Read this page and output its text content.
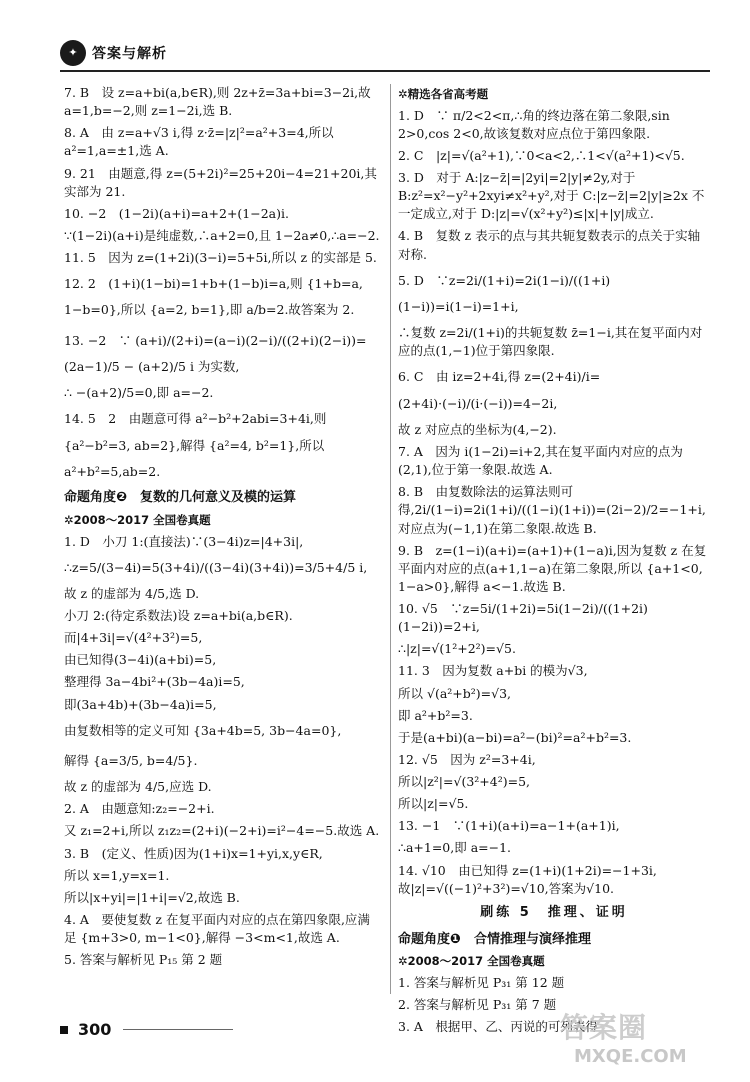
✦	答案与解析

7. B　设 z=a+bi(a,b∈R),则 2z+z̄=3a+bi=3−2i,故 a=1,b=−2,则 z=1−2i,选 B.

8. A　由 z=a+√3 i,得 z·z̄=|z|²=a²+3=4,所以 a²=1,a=±1,选 A.

9. 21　由题意,得 z=(5+2i)²=25+20i−4=21+20i,其实部为 21.

10. −2　(1−2i)(a+i)=a+2+(1−2a)i.

∵(1−2i)(a+i)是纯虚数,∴a+2=0,且 1−2a≠0,∴a=−2.

11. 5　因为 z=(1+2i)(3−i)=5+5i,所以 z 的实部是 5.

12. 2　(1+i)(1−bi)=1+b+(1−b)i=a,则 {1+b=a, 1−b=0},所以 {a=2, b=1},即 a/b=2.故答案为 2.

13. −2　∵ (a+i)/(2+i)=(a−i)(2−i)/((2+i)(2−i))=(2a−1)/5 − (a+2)/5 i 为实数,

∴ −(a+2)/5=0,即 a=−2.

14. 5　2　由题意可得 a²−b²+2abi=3+4i,则 {a²−b²=3, ab=2},解得 {a²=4, b²=1},所以 a²+b²=5,ab=2.

命题角度❷　复数的几何意义及模的运算
✲2008～2017 全国卷真题

1. D　小刀 1:(直接法)∵(3−4i)z=|4+3i|,

∴z=5/(3−4i)=5(3+4i)/((3−4i)(3+4i))=3/5+4/5 i,

故 z 的虚部为 4/5,选 D.

小刀 2:(待定系数法)设 z=a+bi(a,b∈R).

而|4+3i|=√(4²+3²)=5,

由已知得(3−4i)(a+bi)=5,

整理得 3a−4bi²+(3b−4a)i=5,

即(3a+4b)+(3b−4a)i=5,

由复数相等的定义可知 {3a+4b=5, 3b−4a=0},

解得 {a=3/5, b=4/5}.

故 z 的虚部为 4/5,应选 D.

2. A　由题意知:z₂=−2+i.

又 z₁=2+i,所以 z₁z₂=(2+i)(−2+i)=i²−4=−5.故选 A.

3. B　(定义、性质)因为(1+i)x=1+yi,x,y∈R,

所以 x=1,y=x=1.

所以|x+yi|=|1+i|=√2,故选 B.

4. A　要使复数 z 在复平面内对应的点在第四象限,应满足 {m+3>0, m−1<0},解得 −3<m<1,故选 A.

5. 答案与解析见 P₁₅ 第 2 题

✲精选各省高考题

1. D　∵ π/2<2<π,∴角的终边落在第二象限,sin 2>0,cos 2<0,故该复数对应点位于第四象限.

2. C　|z|=√(a²+1),∵0<a<2,∴1<√(a²+1)<√5.

3. D　对于 A:|z−z̄|=|2yi|=2|y|≠2y,对于 B:z²=x²−y²+2xyi≠x²+y²,对于 C:|z−z̄|=2|y|≥2x 不一定成立,对于 D:|z|=√(x²+y²)≤|x|+|y|成立.

4. B　复数 z 表示的点与其共轭复数表示的点关于实轴对称.

5. D　∵z=2i/(1+i)=2i(1−i)/((1+i)(1−i))=i(1−i)=1+i,

∴复数 z=2i/(1+i)的共轭复数 z̄=1−i,其在复平面内对应的点(1,−1)位于第四象限.

6. C　由 iz=2+4i,得 z=(2+4i)/i=(2+4i)·(−i)/(i·(−i))=4−2i,

故 z 对应点的坐标为(4,−2).

7. A　因为 i(1−2i)=i+2,其在复平面内对应的点为(2,1),位于第一象限.故选 A.

8. B　由复数除法的运算法则可得,2i/(1−i)=2i(1+i)/((1−i)(1+i))=(2i−2)/2=−1+i,对应点为(−1,1)在第二象限.故选 B.

9. B　z=(1−i)(a+i)=(a+1)+(1−a)i,因为复数 z 在复平面内对应的点(a+1,1−a)在第二象限,所以 {a+1<0, 1−a>0},解得 a<−1.故选 B.

10. √5　∵z=5i/(1+2i)=5i(1−2i)/((1+2i)(1−2i))=2+i,

∴|z|=√(1²+2²)=√5.

11. 3　因为复数 a+bi 的模为√3,

所以 √(a²+b²)=√3,

即 a²+b²=3.

于是(a+bi)(a−bi)=a²−(bi)²=a²+b²=3.

12. √5　因为 z²=3+4i,

所以|z²|=√(3²+4²)=5,

所以|z|=√5.

13. −1　∵(1+i)(a+i)=a−1+(a+1)i,

∴a+1=0,即 a=−1.

14. √10　由已知得 z=(1+i)(1+2i)=−1+3i,故|z|=√((−1)²+3²)=√10,答案为√10.

刷练 5　推理、证明
命题角度❶　合情推理与演绎推理
✲2008～2017 全国卷真题

1. 答案与解析见 P₃₁ 第 12 题

2. 答案与解析见 P₃₁ 第 7 题

3. A　根据甲、乙、丙说的可列表得

300	答案圈
MXQE.COM
